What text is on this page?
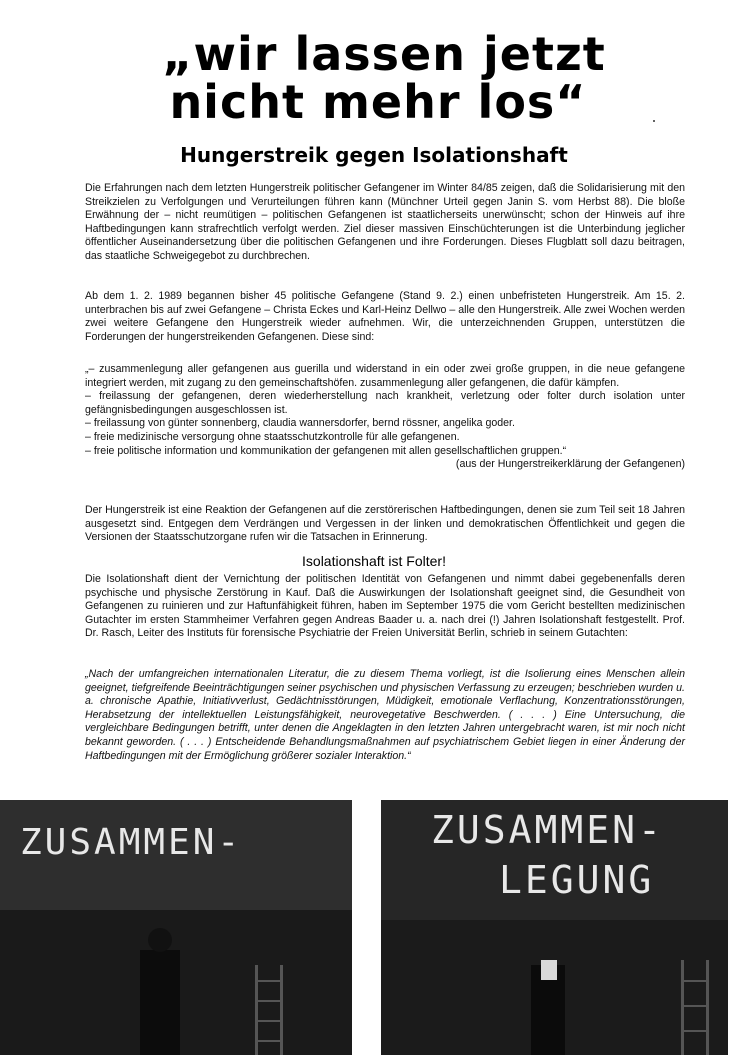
„wir lassen jetzt
nicht mehr los“
Hungerstreik gegen Isolationshaft

Die Erfahrungen nach dem letzten Hungerstreik politischer Gefangener im Winter 84/85 zeigen, daß die Solidarisierung mit den Streikzielen zu Verfolgungen und Verurteilungen führen kann (Münchner Urteil gegen Janin S. vom Herbst 88). Die bloße Erwähnung der – nicht reumütigen – politischen Gefangenen ist staatlicherseits unerwünscht; schon der Hinweis auf ihre Haftbedingungen kann strafrechtlich verfolgt werden. Ziel dieser massiven Einschüchterungen ist die Unterbindung jeglicher öffentlicher Auseinandersetzung über die politischen Gefangenen und ihre Forderungen. Dieses Flugblatt soll dazu beitragen, das staatliche Schweigegebot zu durchbrechen.

Ab dem 1. 2. 1989 begannen bisher 45 politische Gefangene (Stand 9. 2.) einen unbefristeten Hungerstreik. Am 15. 2. unterbrachen bis auf zwei Gefangene – Christa Eckes und Karl-Heinz Dellwo – alle den Hungerstreik. Alle zwei Wochen werden zwei weitere Gefangene den Hungerstreik wieder aufnehmen. Wir, die unterzeichnenden Gruppen, unterstützen die Forderungen der hungerstreikenden Gefangenen. Diese sind:

„– zusammenlegung aller gefangenen aus guerilla und widerstand in ein oder zwei große gruppen, in die neue gefangene integriert werden, mit zugang zu den gemeinschaftshöfen. zusammenlegung aller gefangenen, die dafür kämpfen.

– freilassung der gefangenen, deren wiederherstellung nach krankheit, verletzung oder folter durch isolation unter gefängnisbedingungen ausgeschlossen ist.

– freilassung von günter sonnenberg, claudia wannersdorfer, bernd rössner, angelika goder.

– freie medizinische versorgung ohne staatsschutzkontrolle für alle gefangenen.

– freie politische information und kommunikation der gefangenen mit allen gesellschaftlichen gruppen.“

(aus der Hungerstreikerklärung der Gefangenen)

Der Hungerstreik ist eine Reaktion der Gefangenen auf die zerstörerischen Haftbedingungen, denen sie zum Teil seit 18 Jahren ausgesetzt sind. Entgegen dem Verdrängen und Vergessen in der linken und demokratischen Öffentlichkeit und gegen die Versionen der Staatsschutzorgane rufen wir die Tatsachen in Erinnerung.

Isolationshaft ist Folter!

Die Isolationshaft dient der Vernichtung der politischen Identität von Gefangenen und nimmt dabei gegebenenfalls deren psychische und physische Zerstörung in Kauf. Daß die Auswirkungen der Isolationshaft geeignet sind, die Gesundheit von Gefangenen zu ruinieren und zur Haftunfähigkeit führen, haben im September 1975 die vom Gericht bestellten medizinischen Gutachter im ersten Stammheimer Verfahren gegen Andreas Baader u. a. nach drei (!) Jahren Isolationshaft festgestellt. Prof. Dr. Rasch, Leiter des Instituts für forensische Psychiatrie der Freien Universität Berlin, schrieb in seinem Gutachten:

„Nach der umfangreichen internationalen Literatur, die zu diesem Thema vorliegt, ist die Isolierung eines Menschen allein geeignet, tiefgreifende Beeinträchtigungen seiner psychischen und physischen Verfassung zu erzeugen; beschrieben wurden u. a. chronische Apathie, Initiativverlust, Gedächtnisstörungen, Müdigkeit, emotionale Verflachung, Konzentrationsstörungen, Herabsetzung der intellektuellen Leistungsfähigkeit, neurovegetative Beschwerden. ( . . . ) Eine Untersuchung, die vergleichbare Bedingungen betrifft, unter denen die Angeklagten in den letzten Jahren untergebracht waren, ist mir noch nicht bekannt geworden. ( . . . ) Entscheidende Behandlungsmaßnahmen auf psychiatrischem Gebiet liegen in einer Änderung der Haftbedingungen mit der Ermöglichung größerer sozialer Interaktion.“

ZUSAMMEN-	ZUSAMMEN-
LEGUNG
